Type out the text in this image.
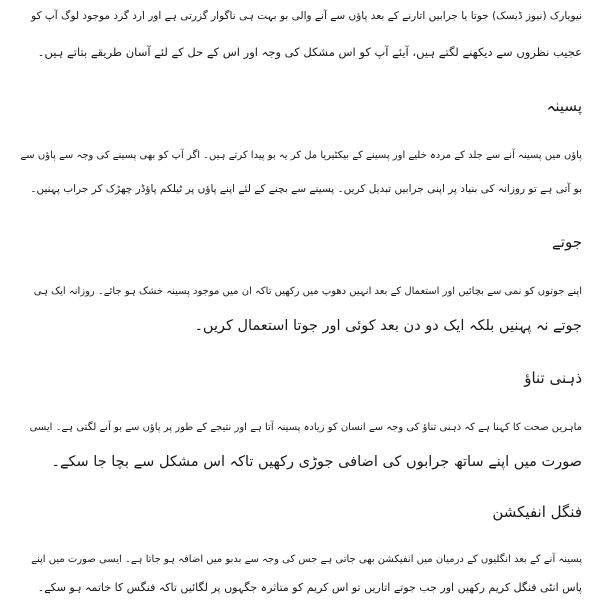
نیویارک (نیوز ڈیسک) جوتا یا جرابیں اتارنے کے بعد پاؤں سے آنے والی بو بہت ہی ناگوار گزرتی ہے اور ارد گرد موجود لوگ آپ کو
عجیب نظروں سے دیکھنے لگتے ہیں، آیئے آپ کو اس مشکل کی وجہ اور اس کے حل کے لئے آسان طریقے بتاتے ہیں۔
پسینہ
پاؤں میں پسینہ آنے سے جلد کے مردہ خلیے اور پسینے کے بیکٹیریا مل کر یہ بو پیدا کرتے ہیں۔ اگر آپ کو بھی پسینے کی وجہ سے پاؤں سے
بو آتی ہے تو روزانہ کی بنیاد پر اپنی جرابیں تبدیل کریں۔ پسینے سے بچنے کے لئے اپنے پاؤں پر ٹیلکم پاؤڈر چھڑک کر جراب پہنیں۔
جوتے
اپنے جوتوں کو نمی سے بچائیں اور استعمال کے بعد انہیں دھوپ میں رکھیں تاکہ ان میں موجود پسینہ خشک ہو جائے۔ روزانہ ایک ہی
جوتے نہ پہنیں بلکہ ایک دو دن بعد کوئی اور جوتا استعمال کریں۔
ذہنی تناؤ
ماہرین صحت کا کہنا ہے کہ ذہنی تناؤ کی وجہ سے انسان کو زیادہ پسینہ آتا ہے اور نتیجے کے طور پر پاؤں سے بو آنے لگتی ہے۔ ایسی
صورت میں اپنے ساتھ جرابوں کی اضافی جوڑی رکھیں تاکہ اس مشکل سے بچا جا سکے۔
فنگل انفیکشن
پسینہ آنے کے بعد انگلیوں کے درمیان میں انفیکشن بھی جاتی ہے جس کی وجہ سے بدبو میں اضافہ ہو جاتا ہے۔ ایسی صورت میں اپنے
پاس انٹی فنگل کریم رکھیں اور جب جوتے اتاریں تو اس کریم کو متاثرہ جگہوں پر لگائیں تاکہ فنگس کا خاتمہ ہو سکے۔
